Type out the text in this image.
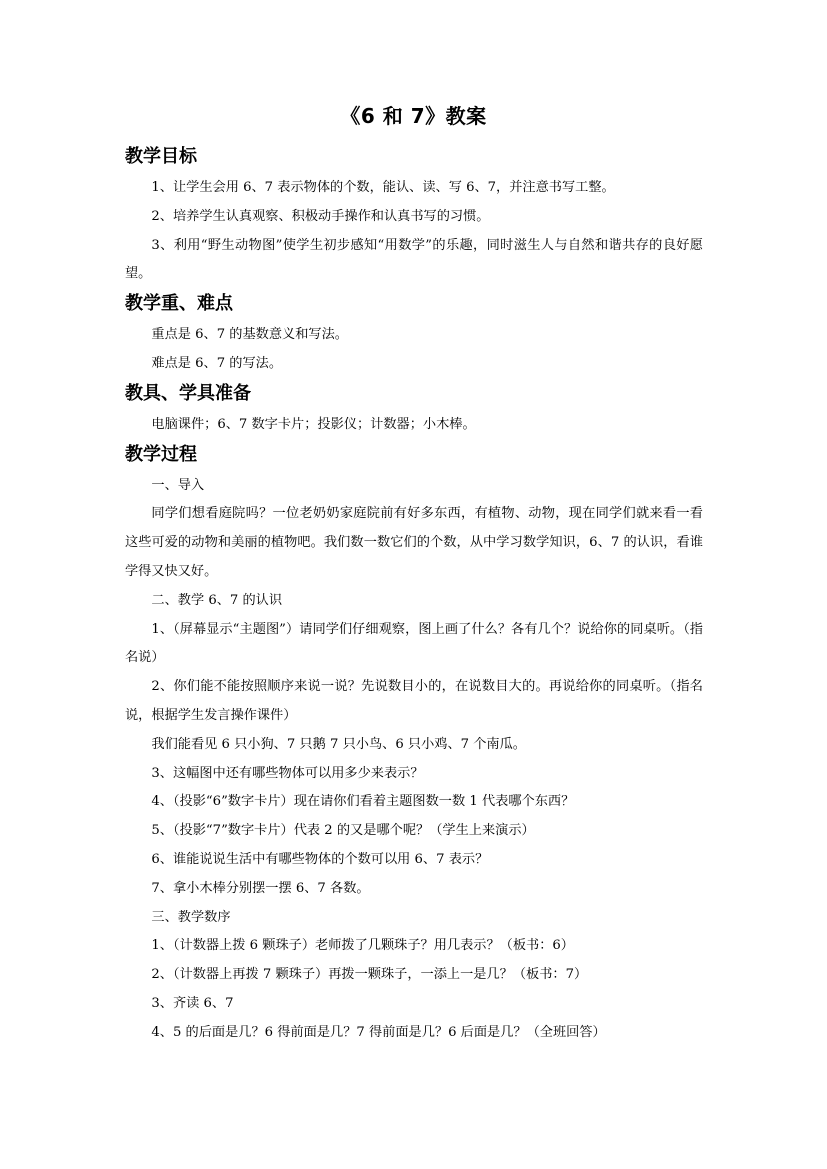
《6 和 7》教案
教学目标

1、让学生会用 6、7 表示物体的个数，能认、读、写 6、7，并注意书写工整。

2、培养学生认真观察、积极动手操作和认真书写的习惯。

3、利用“野生动物图”使学生初步感知“用数学”的乐趣，同时滋生人与自然和谐共存的良好愿望。

教学重、难点

重点是 6、7 的基数意义和写法。

难点是 6、7 的写法。

教具、学具准备

电脑课件；6、7 数字卡片；投影仪；计数器；小木棒。

教学过程

一、导入

同学们想看庭院吗？一位老奶奶家庭院前有好多东西，有植物、动物，现在同学们就来看一看这些可爱的动物和美丽的植物吧。我们数一数它们的个数，从中学习数学知识，6、7 的认识，看谁学得又快又好。

二、教学 6、7 的认识

1、（屏幕显示“主题图”）请同学们仔细观察，图上画了什么？各有几个？说给你的同桌听。（指名说）

2、你们能不能按照顺序来说一说？先说数目小的，在说数目大的。再说给你的同桌听。（指名说，根据学生发言操作课件）

我们能看见 6 只小狗、7 只鹅 7 只小鸟、6 只小鸡、7 个南瓜。

3、这幅图中还有哪些物体可以用多少来表示？

4、（投影“6”数字卡片）现在请你们看着主题图数一数 1 代表哪个东西？

5、（投影“7”数字卡片）代表 2 的又是哪个呢？（学生上来演示）

6、谁能说说生活中有哪些物体的个数可以用 6、7 表示？

7、拿小木棒分别摆一摆 6、7 各数。

三、教学数序

1、（计数器上拨 6 颗珠子）老师拨了几颗珠子？用几表示？（板书：6）

2、（计数器上再拨 7 颗珠子）再拨一颗珠子，一添上一是几？（板书：7）

3、齐读 6、7

4、5 的后面是几？6 得前面是几？7 得前面是几？6 后面是几？（全班回答）
